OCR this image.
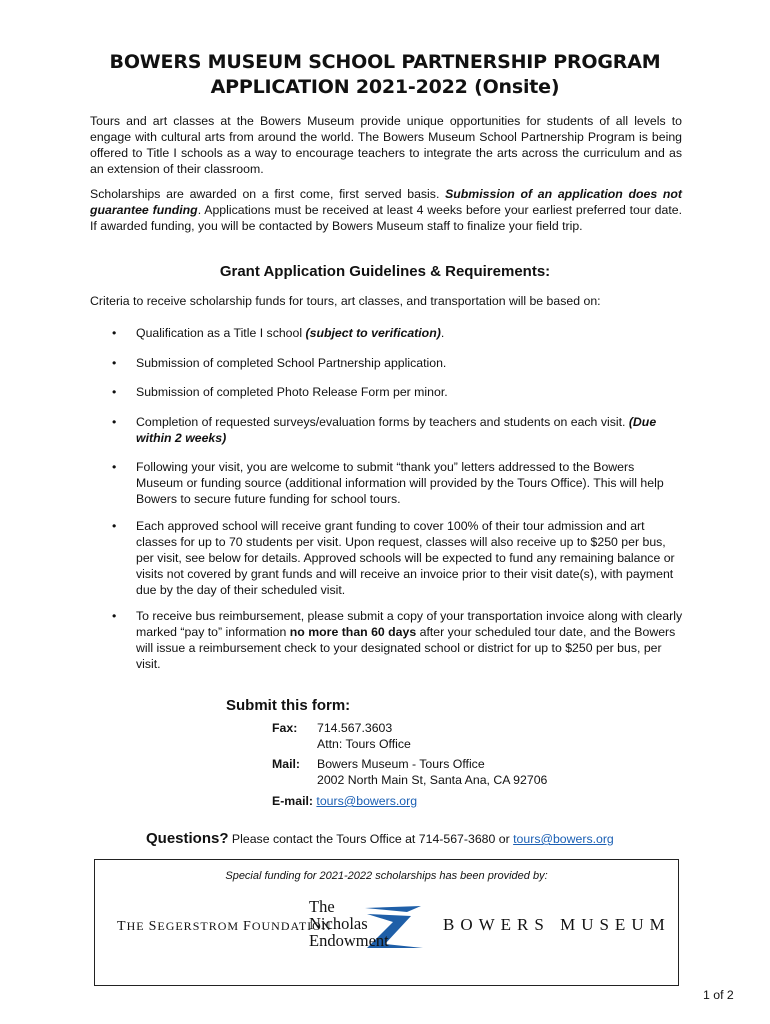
BOWERS MUSEUM SCHOOL PARTNERSHIP PROGRAM
APPLICATION 2021-2022 (Onsite)
Tours and art classes at the Bowers Museum provide unique opportunities for students of all levels to engage with cultural arts from around the world. The Bowers Museum School Partnership Program is being offered to Title I schools as a way to encourage teachers to integrate the arts across the curriculum and as an extension of their classroom.
Scholarships are awarded on a first come, first served basis. Submission of an application does not guarantee funding. Applications must be received at least 4 weeks before your earliest preferred tour date. If awarded funding, you will be contacted by Bowers Museum staff to finalize your field trip.
Grant Application Guidelines & Requirements:
Criteria to receive scholarship funds for tours, art classes, and transportation will be based on:
• Qualification as a Title I school (subject to verification).
• Submission of completed School Partnership application.
• Submission of completed Photo Release Form per minor.
• Completion of requested surveys/evaluation forms by teachers and students on each visit. (Due within 2 weeks)
• Following your visit, you are welcome to submit “thank you” letters addressed to the Bowers Museum or funding source (additional information will provided by the Tours Office). This will help Bowers to secure future funding for school tours.
• Each approved school will receive grant funding to cover 100% of their tour admission and art classes for up to 70 students per visit. Upon request, classes will also receive up to $250 per bus, per visit, see below for details. Approved schools will be expected to fund any remaining balance or visits not covered by grant funds and will receive an invoice prior to their visit date(s), with payment due by the day of their scheduled visit.
• To receive bus reimbursement, please submit a copy of your transportation invoice along with clearly marked “pay to” information no more than 60 days after your scheduled tour date, and the Bowers will issue a reimbursement check to your designated school or district for up to $250 per bus, per visit.
Submit this form:
Fax: 714.567.3603
Attn: Tours Office
Mail: Bowers Museum - Tours Office
2002 North Main St, Santa Ana, CA 92706
E-mail: tours@bowers.org
Questions? Please contact the Tours Office at 714-567-3680 or tours@bowers.org
Special funding for 2021-2022 scholarships has been provided by:
THE SEGERSTROM FOUNDATION
The
Nicholas
Endowment
BOWERS MUSEUM
1 of 2
